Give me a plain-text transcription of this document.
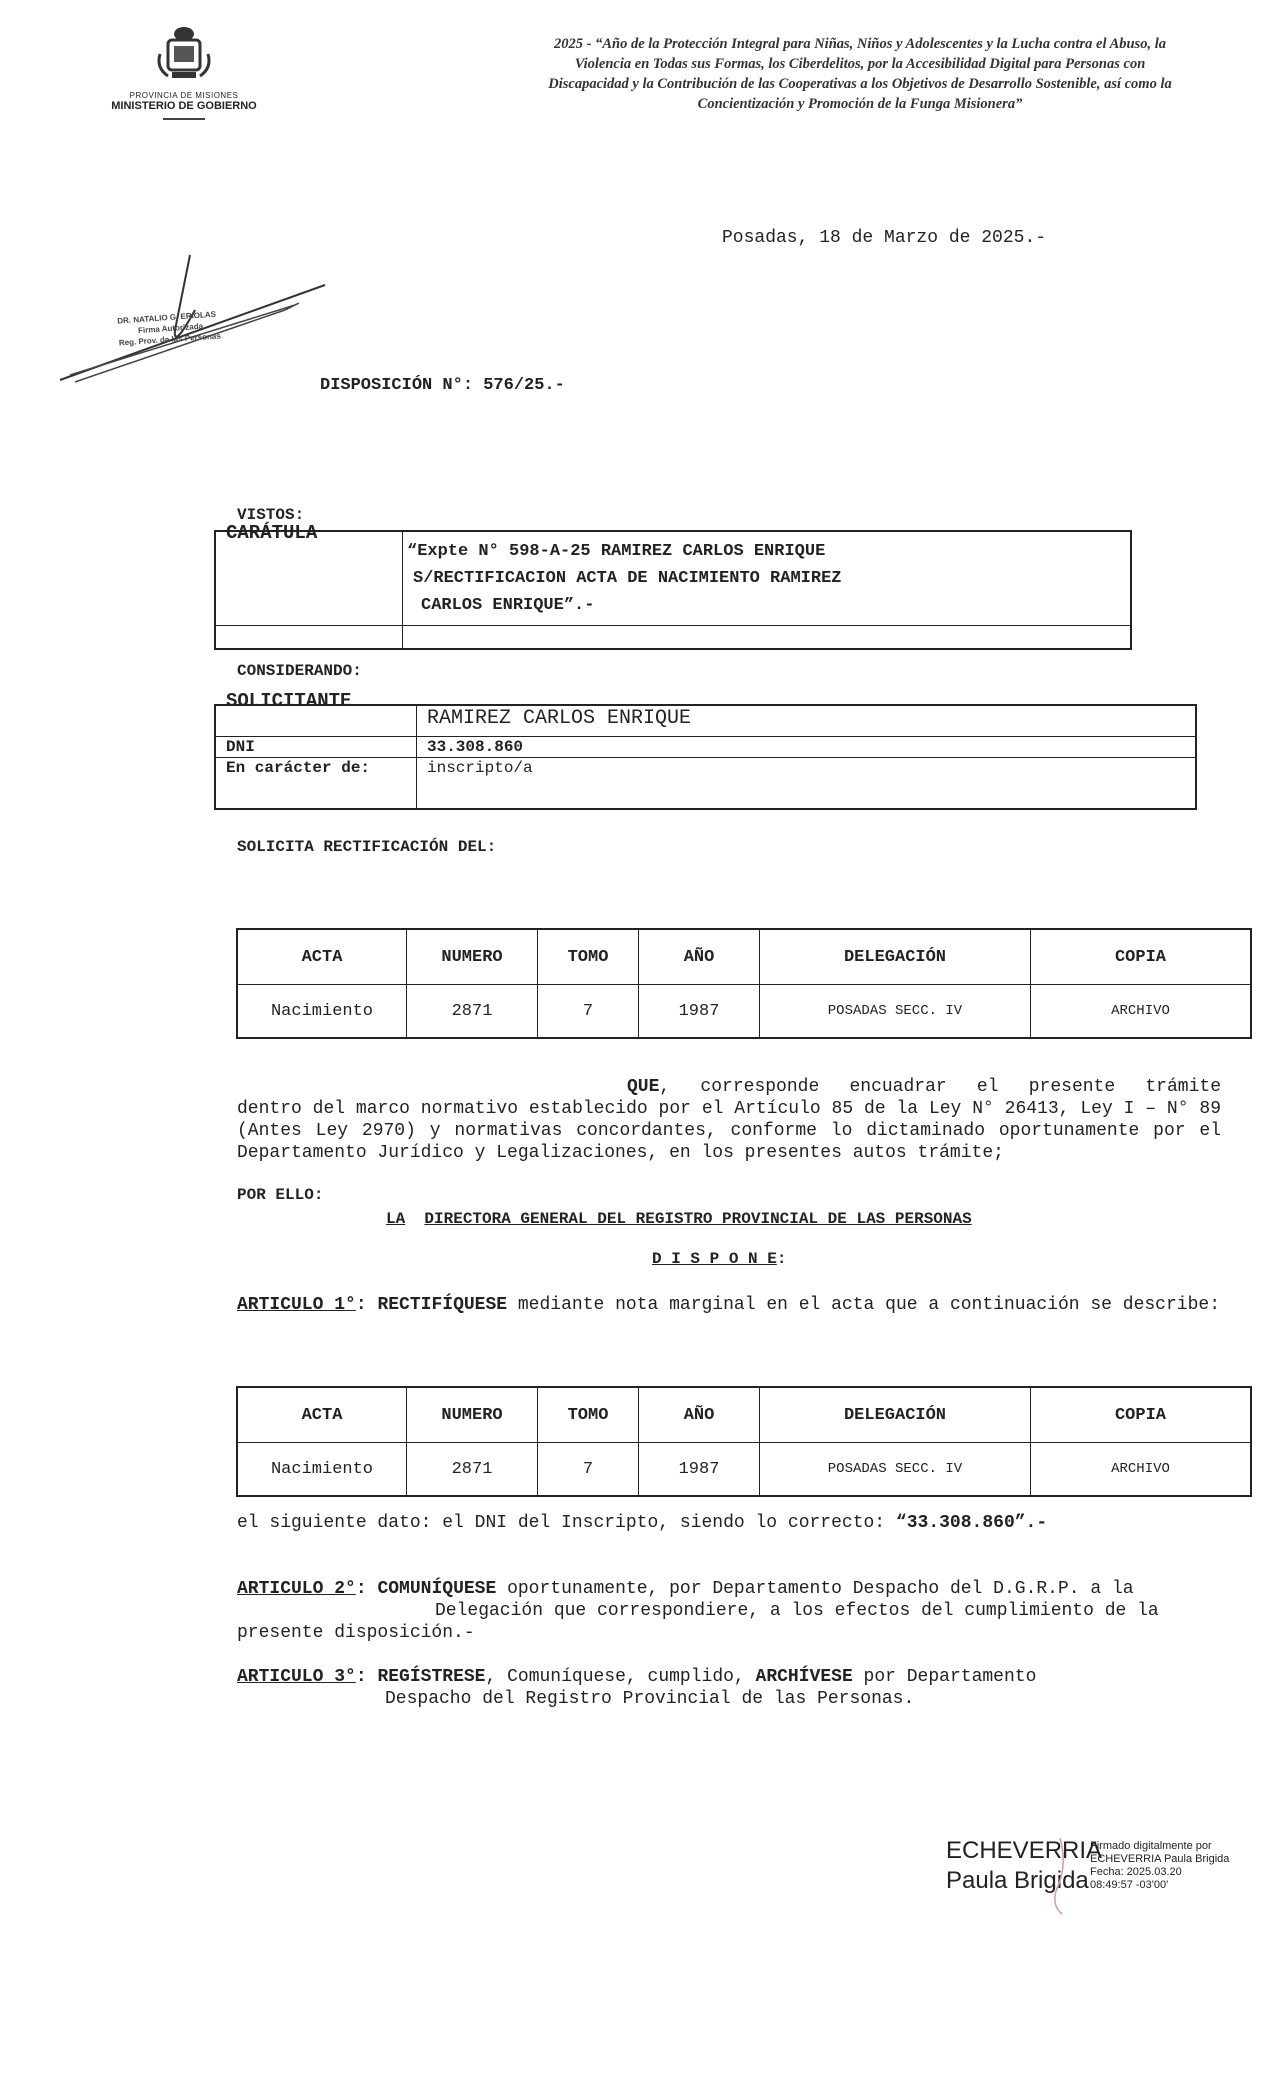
PROVINCIA DE MISIONES
MINISTERIO DE GOBIERNO
2025 - “Año de la Protección Integral para Niñas, Niños y Adolescentes y la Lucha contra el Abuso, la Violencia en Todas sus Formas, los Ciberdelitos, por la Accesibilidad Digital para Personas con Discapacidad y la Contribución de las Cooperativas a los Objetivos de Desarrollo Sostenible, así como la Concientización y Promoción de la Funga Misionera”
Posadas, 18 de Marzo de 2025.-
DR. NATALIO G. ERIOLAS
Firma Autorizada
Reg. Prov. de las Personas
DISPOSICIÓN N°: 576/25.-
VISTOS:

	“Expte N° 598-A-25 RAMIREZ CARLOS ENRIQUE
S/RECTIFICACION ACTA DE NACIMIENTO RAMIREZ
CARLOS ENRIQUE”.-

CARÁTULA
CONSIDERANDO:
	RAMIREZ CARLOS ENRIQUE
DNI	33.308.860
En carácter de:	inscripto/a
SOLICITANTE
SOLICITA RECTIFICACIÓN DEL:
ACTA	NUMERO	TOMO	AÑO	DELEGACIÓN	COPIA
Nacimiento	2871	7	1987	POSADAS SECC. IV	ARCHIVO
QUE, corresponde encuadrar el presente trámite
dentro del marco normativo establecido por el Artículo 85 de la Ley N° 26413, Ley I – N° 89 (Antes Ley 2970) y normativas concordantes, conforme lo dictaminado oportunamente por el Departamento Jurídico y Legalizaciones, en los presentes autos trámite;
POR ELLO:
LA DIRECTORA GENERAL DEL REGISTRO PROVINCIAL DE LAS PERSONAS
D I S P O N E:
ARTICULO 1°: RECTIFÍQUESE mediante nota marginal en el acta que a continuación se describe:
ACTA	NUMERO	TOMO	AÑO	DELEGACIÓN	COPIA
Nacimiento	2871	7	1987	POSADAS SECC. IV	ARCHIVO
el siguiente dato: el DNI del Inscripto, siendo lo correcto: “33.308.860”.-
ARTICULO 2°: COMUNÍQUESE oportunamente, por Departamento Despacho del D.G.R.P. a la
Delegación que correspondiere, a los efectos del cumplimiento de la
presente disposición.-
ARTICULO 3°: REGÍSTRESE, Comuníquese, cumplido, ARCHÍVESE por Departamento
Despacho del Registro Provincial de las Personas.
ECHEVERRIA
Paula Brigida
Firmado digitalmente por
ECHEVERRIA Paula Brigida
Fecha: 2025.03.20
08:49:57 -03'00'
